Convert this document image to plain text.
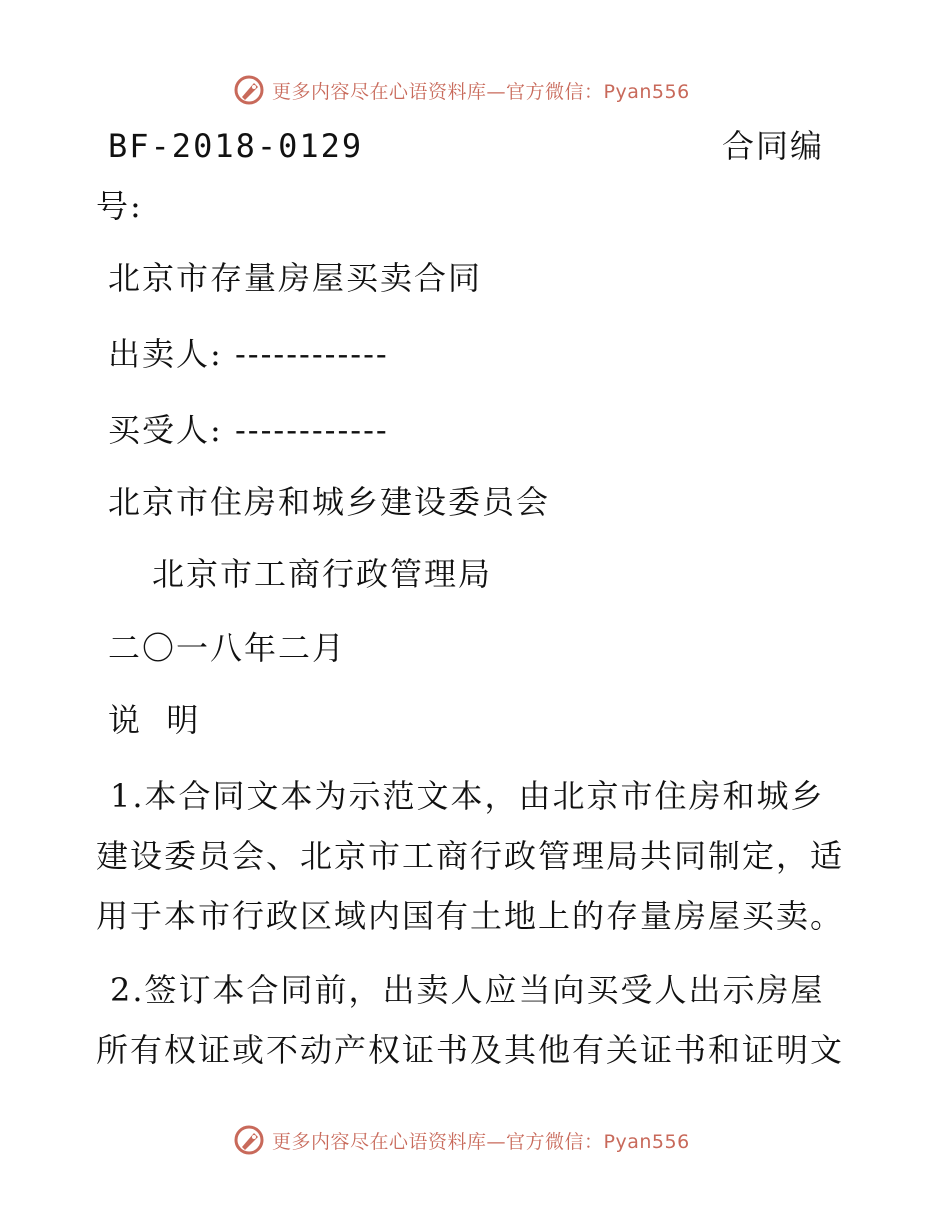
更多内容尽在心语资料库—官方微信：Pyan556
BF-2018-0129	合同编
号:
北京市存量房屋买卖合同
出卖人: ------------
买受人: ------------
北京市住房和城乡建设委员会
北京市工商行政管理局
二〇一八年二月
说  明
1.本合同文本为示范文本，由北京市住房和城乡
建设委员会、北京市工商行政管理局共同制定，适
用于本市行政区域内国有土地上的存量房屋买卖。
2.签订本合同前，出卖人应当向买受人出示房屋
所有权证或不动产权证书及其他有关证书和证明文
更多内容尽在心语资料库—官方微信：Pyan556
